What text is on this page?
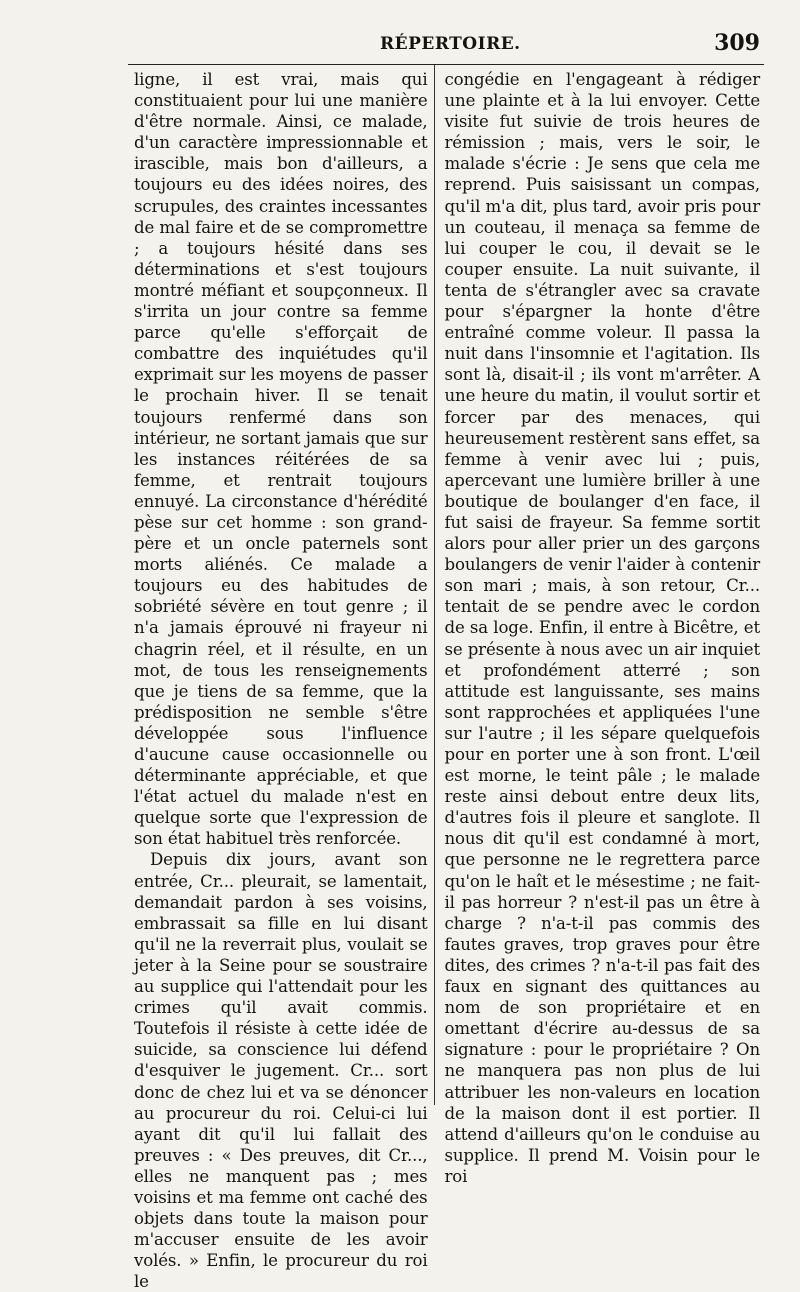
RÉPERTOIRE.	309

ligne, il est vrai, mais qui constituaient pour lui une manière d'être normale. Ainsi, ce malade, d'un caractère impressionnable et irascible, mais bon d'ailleurs, a toujours eu des idées noires, des scrupules, des craintes incessantes de mal faire et de se compromettre ; a toujours hésité dans ses déterminations et s'est toujours montré méfiant et soupçonneux. Il s'irrita un jour contre sa femme parce qu'elle s'efforçait de combattre des inquiétudes qu'il exprimait sur les moyens de passer le prochain hiver. Il se tenait toujours renfermé dans son intérieur, ne sortant jamais que sur les instances réitérées de sa femme, et rentrait toujours ennuyé. La circonstance d'hérédité pèse sur cet homme : son grand-père et un oncle paternels sont morts aliénés. Ce malade a toujours eu des habitudes de sobriété sévère en tout genre ; il n'a jamais éprouvé ni frayeur ni chagrin réel, et il résulte, en un mot, de tous les renseignements que je tiens de sa femme, que la prédisposition ne semble s'être développée sous l'influence d'aucune cause occasionnelle ou déterminante appréciable, et que l'état actuel du malade n'est en quelque sorte que l'expression de son état habituel très renforcée.

Depuis dix jours, avant son entrée, Cr... pleurait, se lamentait, demandait pardon à ses voisins, embrassait sa fille en lui disant qu'il ne la reverrait plus, voulait se jeter à la Seine pour se soustraire au supplice qui l'attendait pour les crimes qu'il avait commis. Toutefois il résiste à cette idée de suicide, sa conscience lui défend d'esquiver le jugement. Cr... sort donc de chez lui et va se dénoncer au procureur du roi. Celui-ci lui ayant dit qu'il lui fallait des preuves : « Des preuves, dit Cr..., elles ne manquent pas ; mes voisins et ma femme ont caché des objets dans toute la maison pour m'accuser ensuite de les avoir volés. » Enfin, le procureur du roi le

congédie en l'engageant à rédiger une plainte et à la lui envoyer. Cette visite fut suivie de trois heures de rémission ; mais, vers le soir, le malade s'écrie : Je sens que cela me reprend. Puis saisissant un compas, qu'il m'a dit, plus tard, avoir pris pour un couteau, il menaça sa femme de lui couper le cou, il devait se le couper ensuite. La nuit suivante, il tenta de s'étrangler avec sa cravate pour s'épargner la honte d'être entraîné comme voleur. Il passa la nuit dans l'insomnie et l'agitation. Ils sont là, disait-il ; ils vont m'arrêter. A une heure du matin, il voulut sortir et forcer par des menaces, qui heureusement restèrent sans effet, sa femme à venir avec lui ; puis, apercevant une lumière briller à une boutique de boulanger d'en face, il fut saisi de frayeur. Sa femme sortit alors pour aller prier un des garçons boulangers de venir l'aider à contenir son mari ; mais, à son retour, Cr... tentait de se pendre avec le cordon de sa loge. Enfin, il entre à Bicêtre, et se présente à nous avec un air inquiet et profondément atterré ; son attitude est languissante, ses mains sont rapprochées et appliquées l'une sur l'autre ; il les sépare quelquefois pour en porter une à son front. L'œil est morne, le teint pâle ; le malade reste ainsi debout entre deux lits, d'autres fois il pleure et sanglote. Il nous dit qu'il est condamné à mort, que personne ne le regrettera parce qu'on le haît et le mésestime ; ne fait-il pas horreur ? n'est-il pas un être à charge ? n'a-t-il pas commis des fautes graves, trop graves pour être dites, des crimes ? n'a-t-il pas fait des faux en signant des quittances au nom de son propriétaire et en omettant d'écrire au-dessus de sa signature : pour le propriétaire ? On ne manquera pas non plus de lui attribuer les non-valeurs en location de la maison dont il est portier. Il attend d'ailleurs qu'on le conduise au supplice. Il prend M. Voisin pour le roi
